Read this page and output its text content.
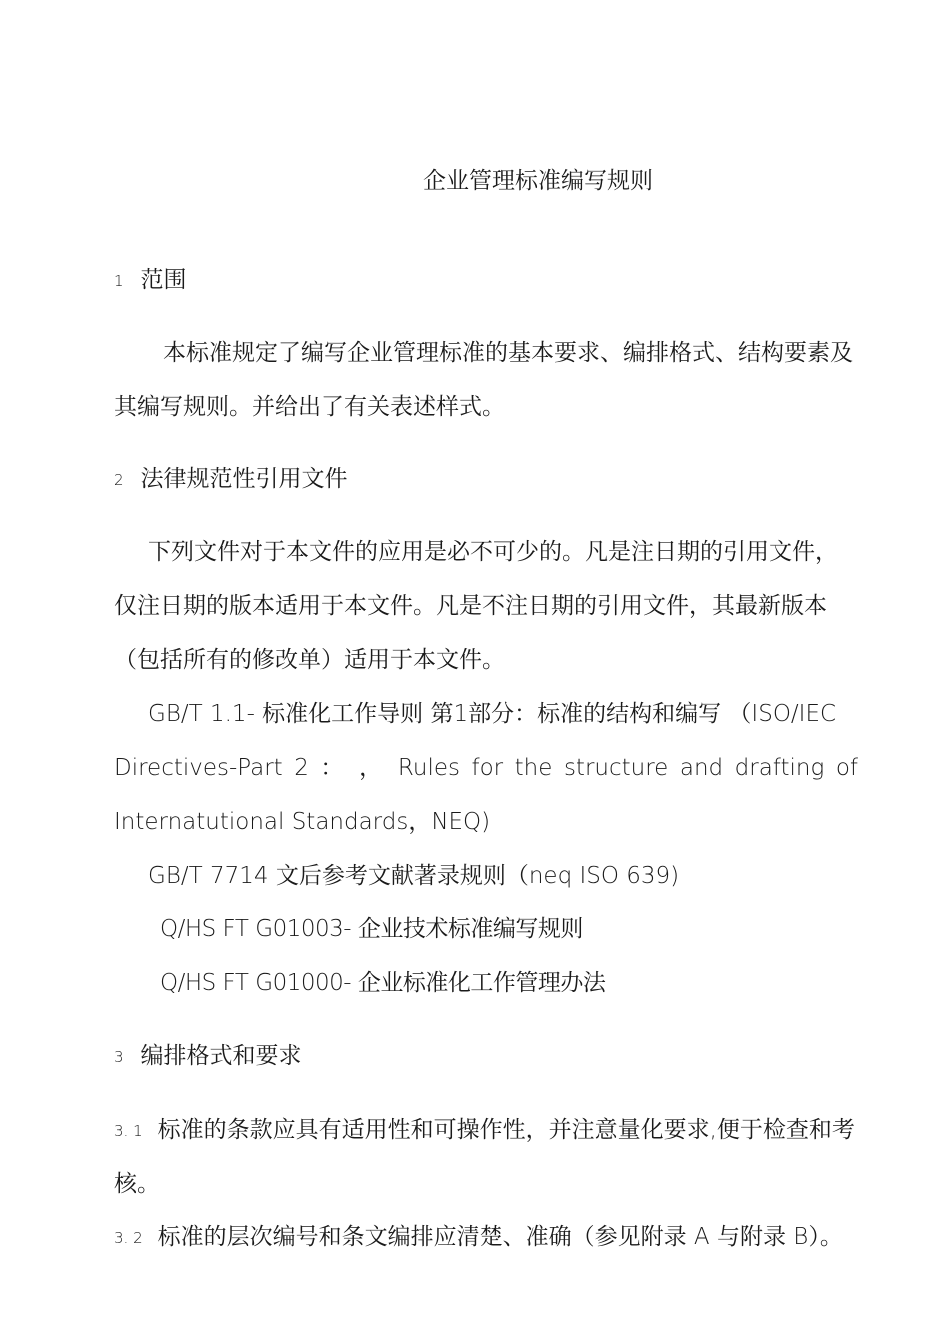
企业管理标准编写规则
1 范围
本标准规定了编写企业管理标准的基本要求、编排格式、结构要素及
其编写规则。并给出了有关表述样式。
2 法律规范性引用文件
下列文件对于本文件的应用是必不可少的。凡是注日期的引用文件，
仅注日期的版本适用于本文件。凡是不注日期的引用文件，其最新版本
（包括所有的修改单）适用于本文件。
GB/T 1.1- 标准化工作导则 第1部分：标准的结构和编写 （ISO/IEC
Directives-Part 2 ： ， Rules for the structure and drafting of
Internatutional Standards，NEQ)
GB/T 7714 文后参考文献著录规则（neq ISO 639)
Q/HS FT G01003- 企业技术标准编写规则
Q/HS FT G01000- 企业标准化工作管理办法
3 编排格式和要求
3. 1 标准的条款应具有适用性和可操作性，并注意量化要求,便于检查和考
核。
3. 2 标准的层次编号和条文编排应清楚、准确（参见附录 A 与附录 B）。
